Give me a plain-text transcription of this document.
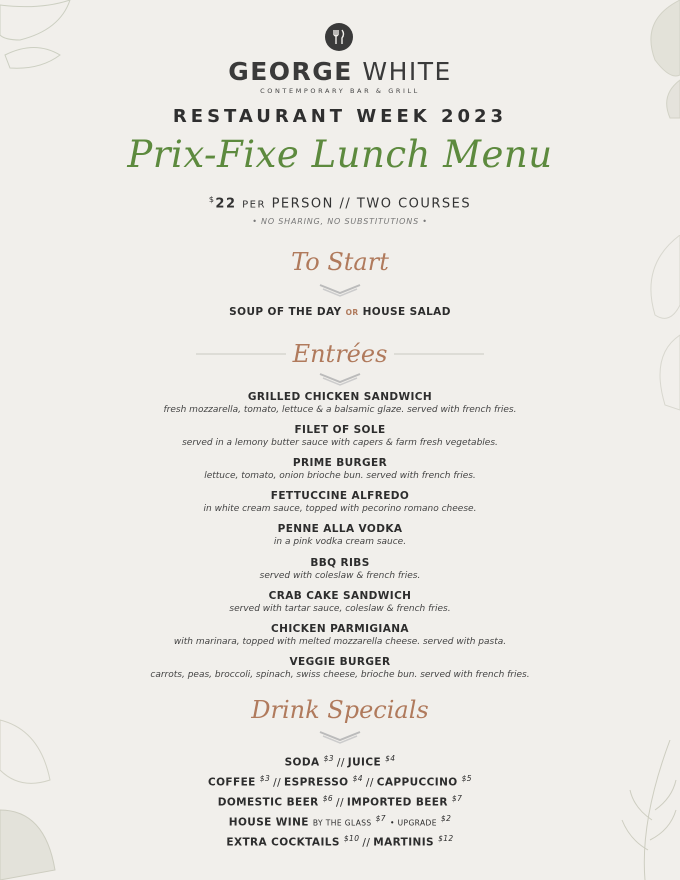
GEORGE WHITE
CONTEMPORARY BAR & GRILL
RESTAURANT WEEK 2023
Prix-Fixe Lunch Menu
$22 PER PERSON // TWO COURSES
• NO SHARING, NO SUBSTITUTIONS •
To Start
SOUP OF THE DAY OR HOUSE SALAD
Entrées
GRILLED CHICKEN SANDWICH
fresh mozzarella, tomato, lettuce & a balsamic glaze. served with french fries.
FILET OF SOLE
served in a lemony butter sauce with capers & farm fresh vegetables.
PRIME BURGER
lettuce, tomato, onion brioche bun. served with french fries.
FETTUCCINE ALFREDO
in white cream sauce, topped with pecorino romano cheese.
PENNE ALLA VODKA
in a pink vodka cream sauce.
BBQ RIBS
served with coleslaw & french fries.
CRAB CAKE SANDWICH
served with tartar sauce, coleslaw & french fries.
CHICKEN PARMIGIANA
with marinara, topped with melted mozzarella cheese. served with pasta.
VEGGIE BURGER
carrots, peas, broccoli, spinach, swiss cheese, brioche bun. served with french fries.
Drink Specials
SODA $^{\$3}$ // JUICE $^{\$4}$
COFFEE $^{\$3}$ // ESPRESSO $^{\$4}$ // CAPPUCCINO $^{\$5}$
DOMESTIC BEER $^{\$6}$ // IMPORTED BEER $^{\$7}$
HOUSE WINE BY THE GLASS $^{\$7}$ • UPGRADE $^{\$2}$
EXTRA COCKTAILS $^{\$10}$ // MARTINIS $^{\$12}$
